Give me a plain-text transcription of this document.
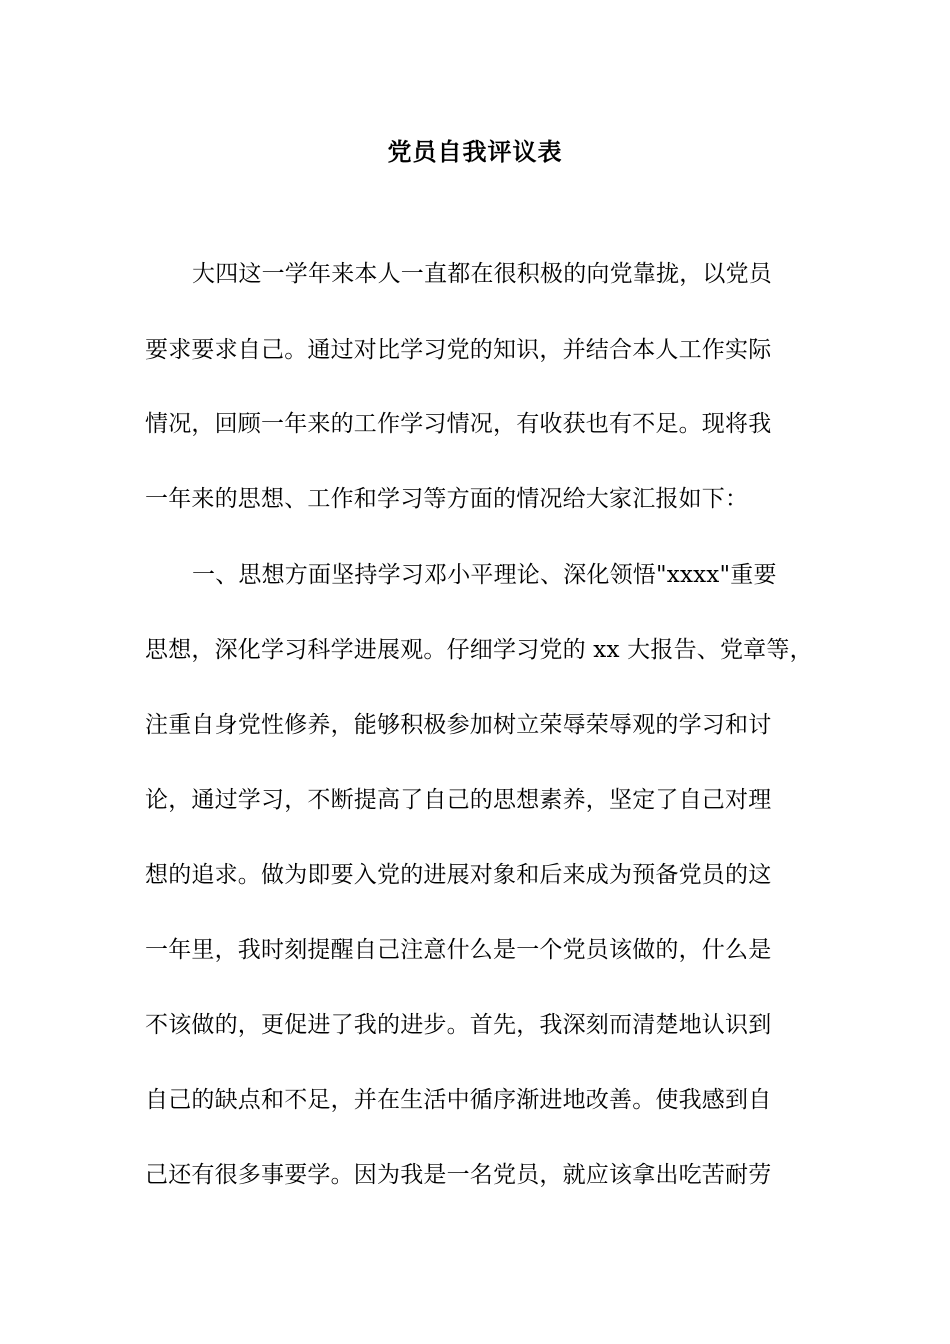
党员自我评议表
大四这一学年来本人一直都在很积极的向党靠拢，以党员
要求要求自己。通过对比学习党的知识，并结合本人工作实际
情况，回顾一年来的工作学习情况，有收获也有不足。现将我
一年来的思想、工作和学习等方面的情况给大家汇报如下：
一、思想方面坚持学习邓小平理论、深化领悟"xxxx"重要
思想，深化学习科学进展观。仔细学习党的 xx 大报告、党章等，
注重自身党性修养，能够积极参加树立荣辱荣辱观的学习和讨
论，通过学习，不断提高了自己的思想素养，坚定了自己对理
想的追求。做为即要入党的进展对象和后来成为预备党员的这
一年里，我时刻提醒自己注意什么是一个党员该做的，什么是
不该做的，更促进了我的进步。首先，我深刻而清楚地认识到
自己的缺点和不足，并在生活中循序渐进地改善。使我感到自
己还有很多事要学。因为我是一名党员，就应该拿出吃苦耐劳
